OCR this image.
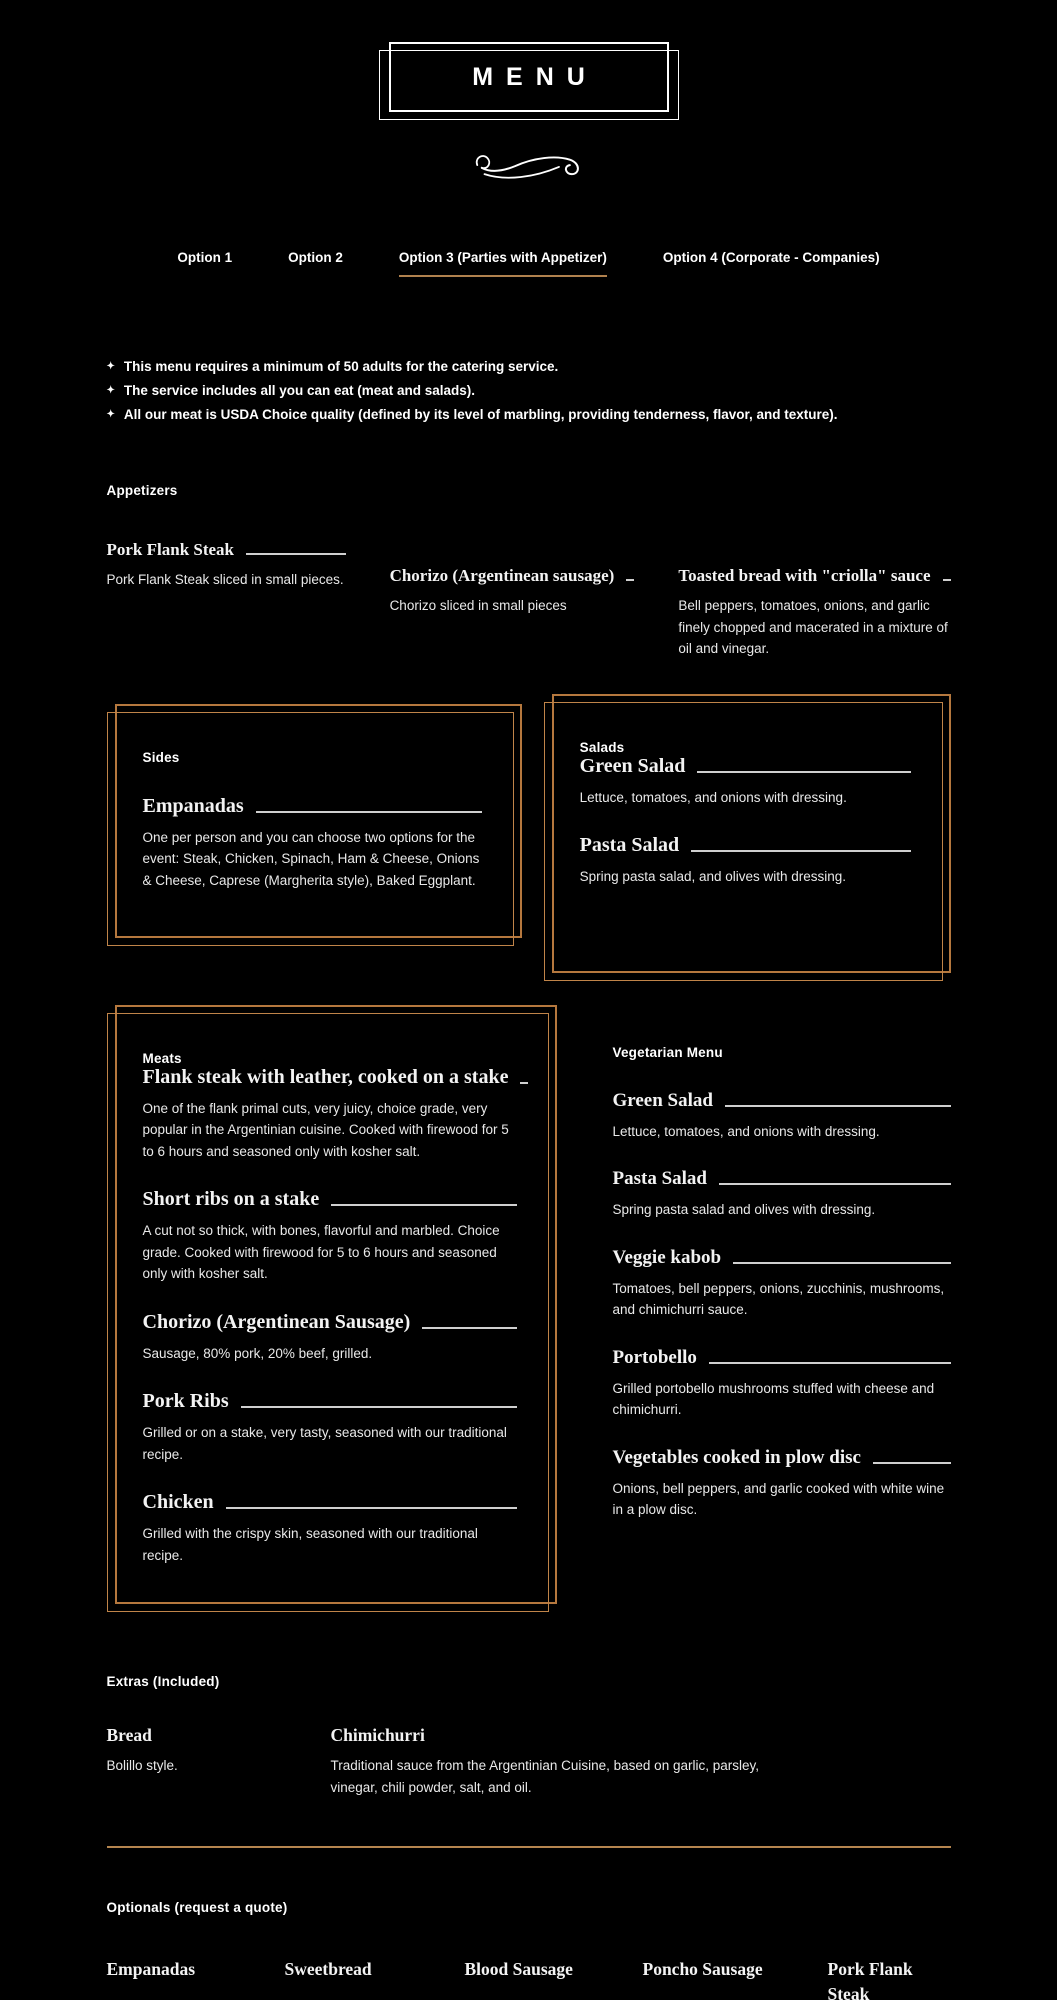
MENU
Option 1	Option 2	Option 3 (Parties with Appetizer)	Option 4 (Corporate - Companies)
✦ This menu requires a minimum of 50 adults for the catering service.
✦ The service includes all you can eat (meat and salads).
✦ All our meat is USDA Choice quality (defined by its level of marbling, providing tenderness, flavor, and texture).
Appetizers
Pork Flank Steak
Pork Flank Steak sliced in small pieces.	Chorizo (Argentinean sausage)
Chorizo sliced in small pieces
Toasted bread with "criolla" sauce
Bell peppers, tomatoes, onions, and garlic finely chopped and macerated in a mixture of oil and vinegar.
Sides
Empanadas
One per person and you can choose two options for the event: Steak, Chicken, Spinach, Ham & Cheese, Onions & Cheese, Caprese (Margherita style), Baked Eggplant.
Salads
Green Salad
Lettuce, tomatoes, and onions with dressing.
Pasta Salad
Spring pasta salad, and olives with dressing.
Meats
Flank steak with leather, cooked on a stake
One of the flank primal cuts, very juicy, choice grade, very popular in the Argentinian cuisine. Cooked with firewood for 5 to 6 hours and seasoned only with kosher salt.
Short ribs on a stake
A cut not so thick, with bones, flavorful and marbled. Choice grade. Cooked with firewood for 5 to 6 hours and seasoned only with kosher salt.
Chorizo (Argentinean Sausage)
Sausage, 80% pork, 20% beef, grilled.
Pork Ribs
Grilled or on a stake, very tasty, seasoned with our traditional recipe.
Chicken
Grilled with the crispy skin, seasoned with our traditional recipe.
Vegetarian Menu
Green Salad
Lettuce, tomatoes, and onions with dressing.
Pasta Salad
Spring pasta salad and olives with dressing.
Veggie kabob
Tomatoes, bell peppers, onions, zucchinis, mushrooms, and chimichurri sauce.
Portobello
Grilled portobello mushrooms stuffed with cheese and chimichurri.
Vegetables cooked in plow disc
Onions, bell peppers, and garlic cooked with white wine in a plow disc.
Extras (Included)
Bread
Bolillo style.
Chimichurri
Traditional sauce from the Argentinian Cuisine, based on garlic, parsley, vinegar, chili powder, salt, and oil.
Optionals (request a quote)
Empanadas	Sweetbread	Blood Sausage	Poncho Sausage	Pork Flank Steak
